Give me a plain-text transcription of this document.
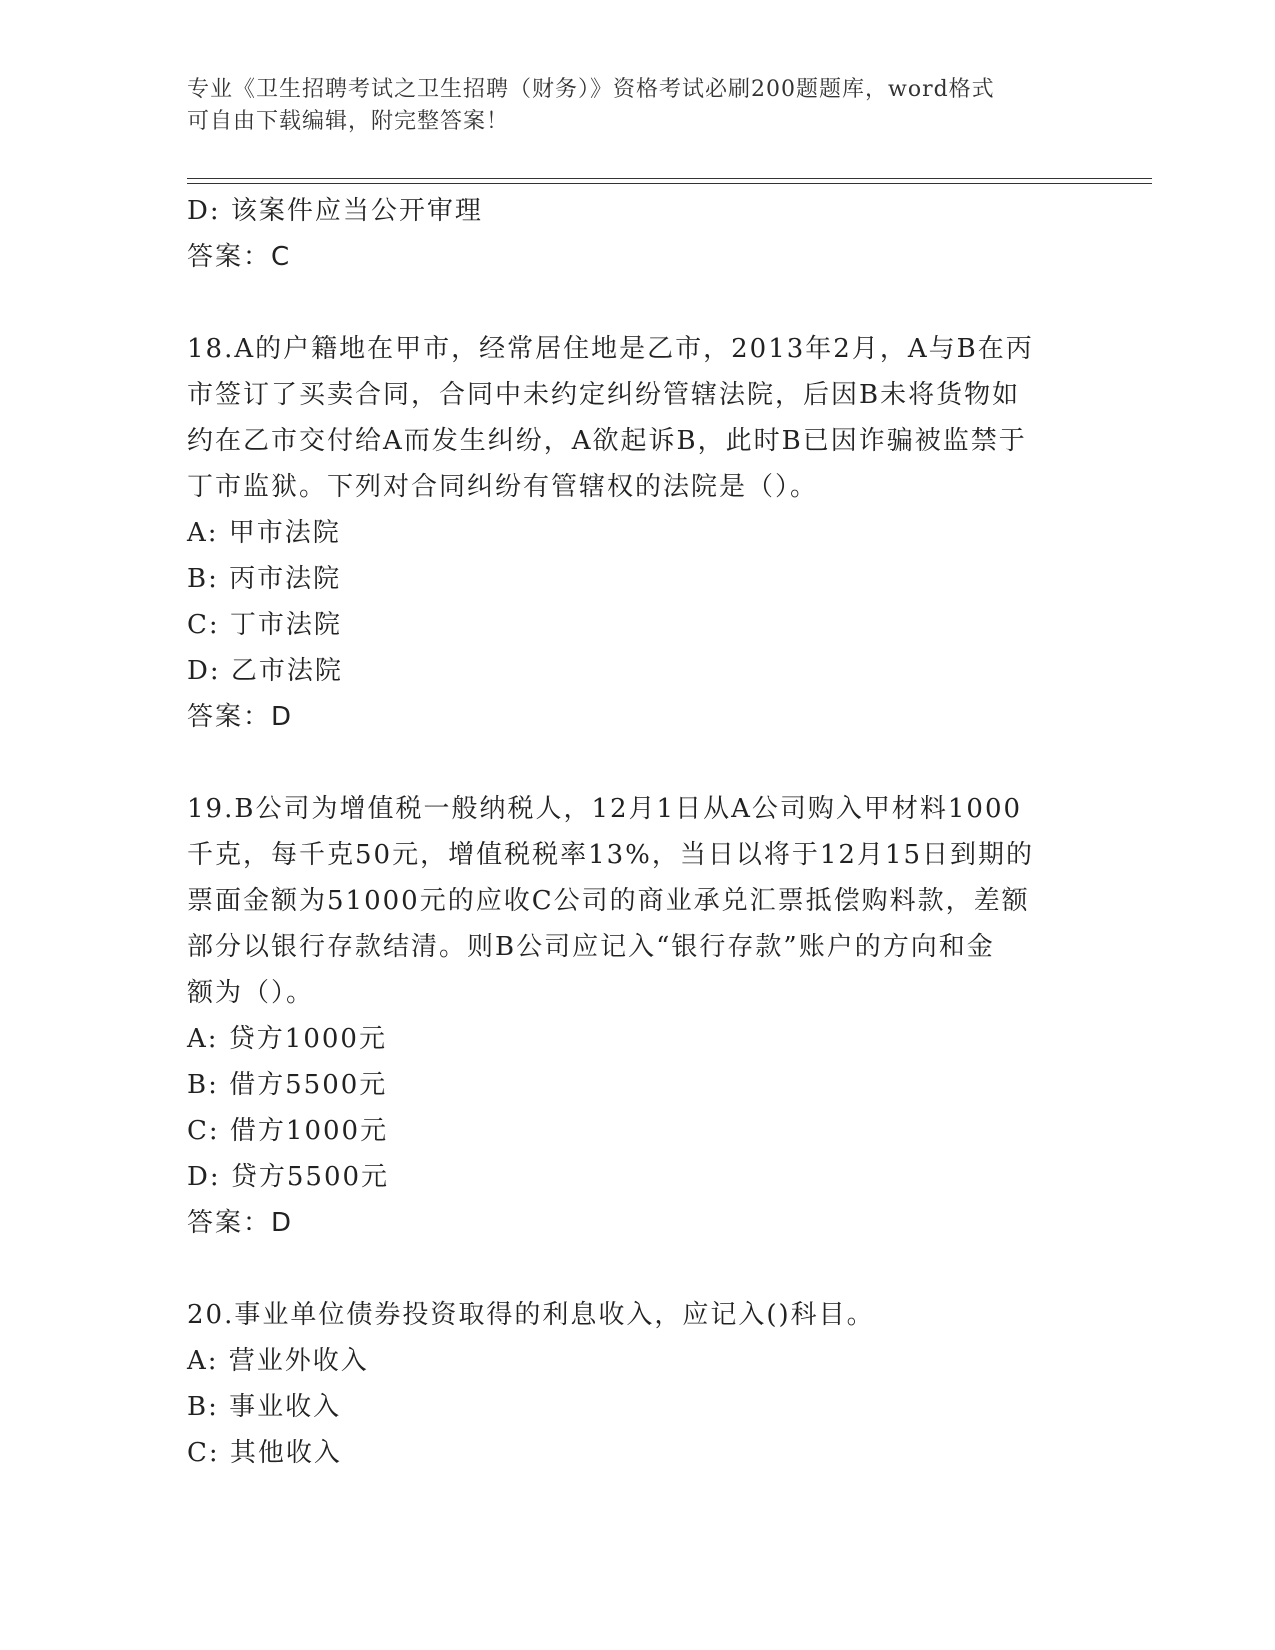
专业《卫生招聘考试之卫生招聘（财务）》资格考试必刷200题题库，word格式
可自由下载编辑，附完整答案！
D: 该案件应当公开审理
答案：C
18.A的户籍地在甲市，经常居住地是乙市，2013年2月，A与B在丙
市签订了买卖合同，合同中未约定纠纷管辖法院，后因B未将货物如
约在乙市交付给A而发生纠纷，A欲起诉B，此时B已因诈骗被监禁于
丁市监狱。下列对合同纠纷有管辖权的法院是（）。
A: 甲市法院
B: 丙市法院
C: 丁市法院
D: 乙市法院
答案：D
19.B公司为增值税一般纳税人，12月1日从A公司购入甲材料1000
千克，每千克50元，增值税税率13%，当日以将于12月15日到期的
票面金额为51000元的应收C公司的商业承兑汇票抵偿购料款，差额
部分以银行存款结清。则B公司应记入“银行存款”账户的方向和金
额为（）。
A: 贷方1000元
B: 借方5500元
C: 借方1000元
D: 贷方5500元
答案：D
20.事业单位债券投资取得的利息收入，应记入()科目。
A: 营业外收入
B: 事业收入
C: 其他收入
